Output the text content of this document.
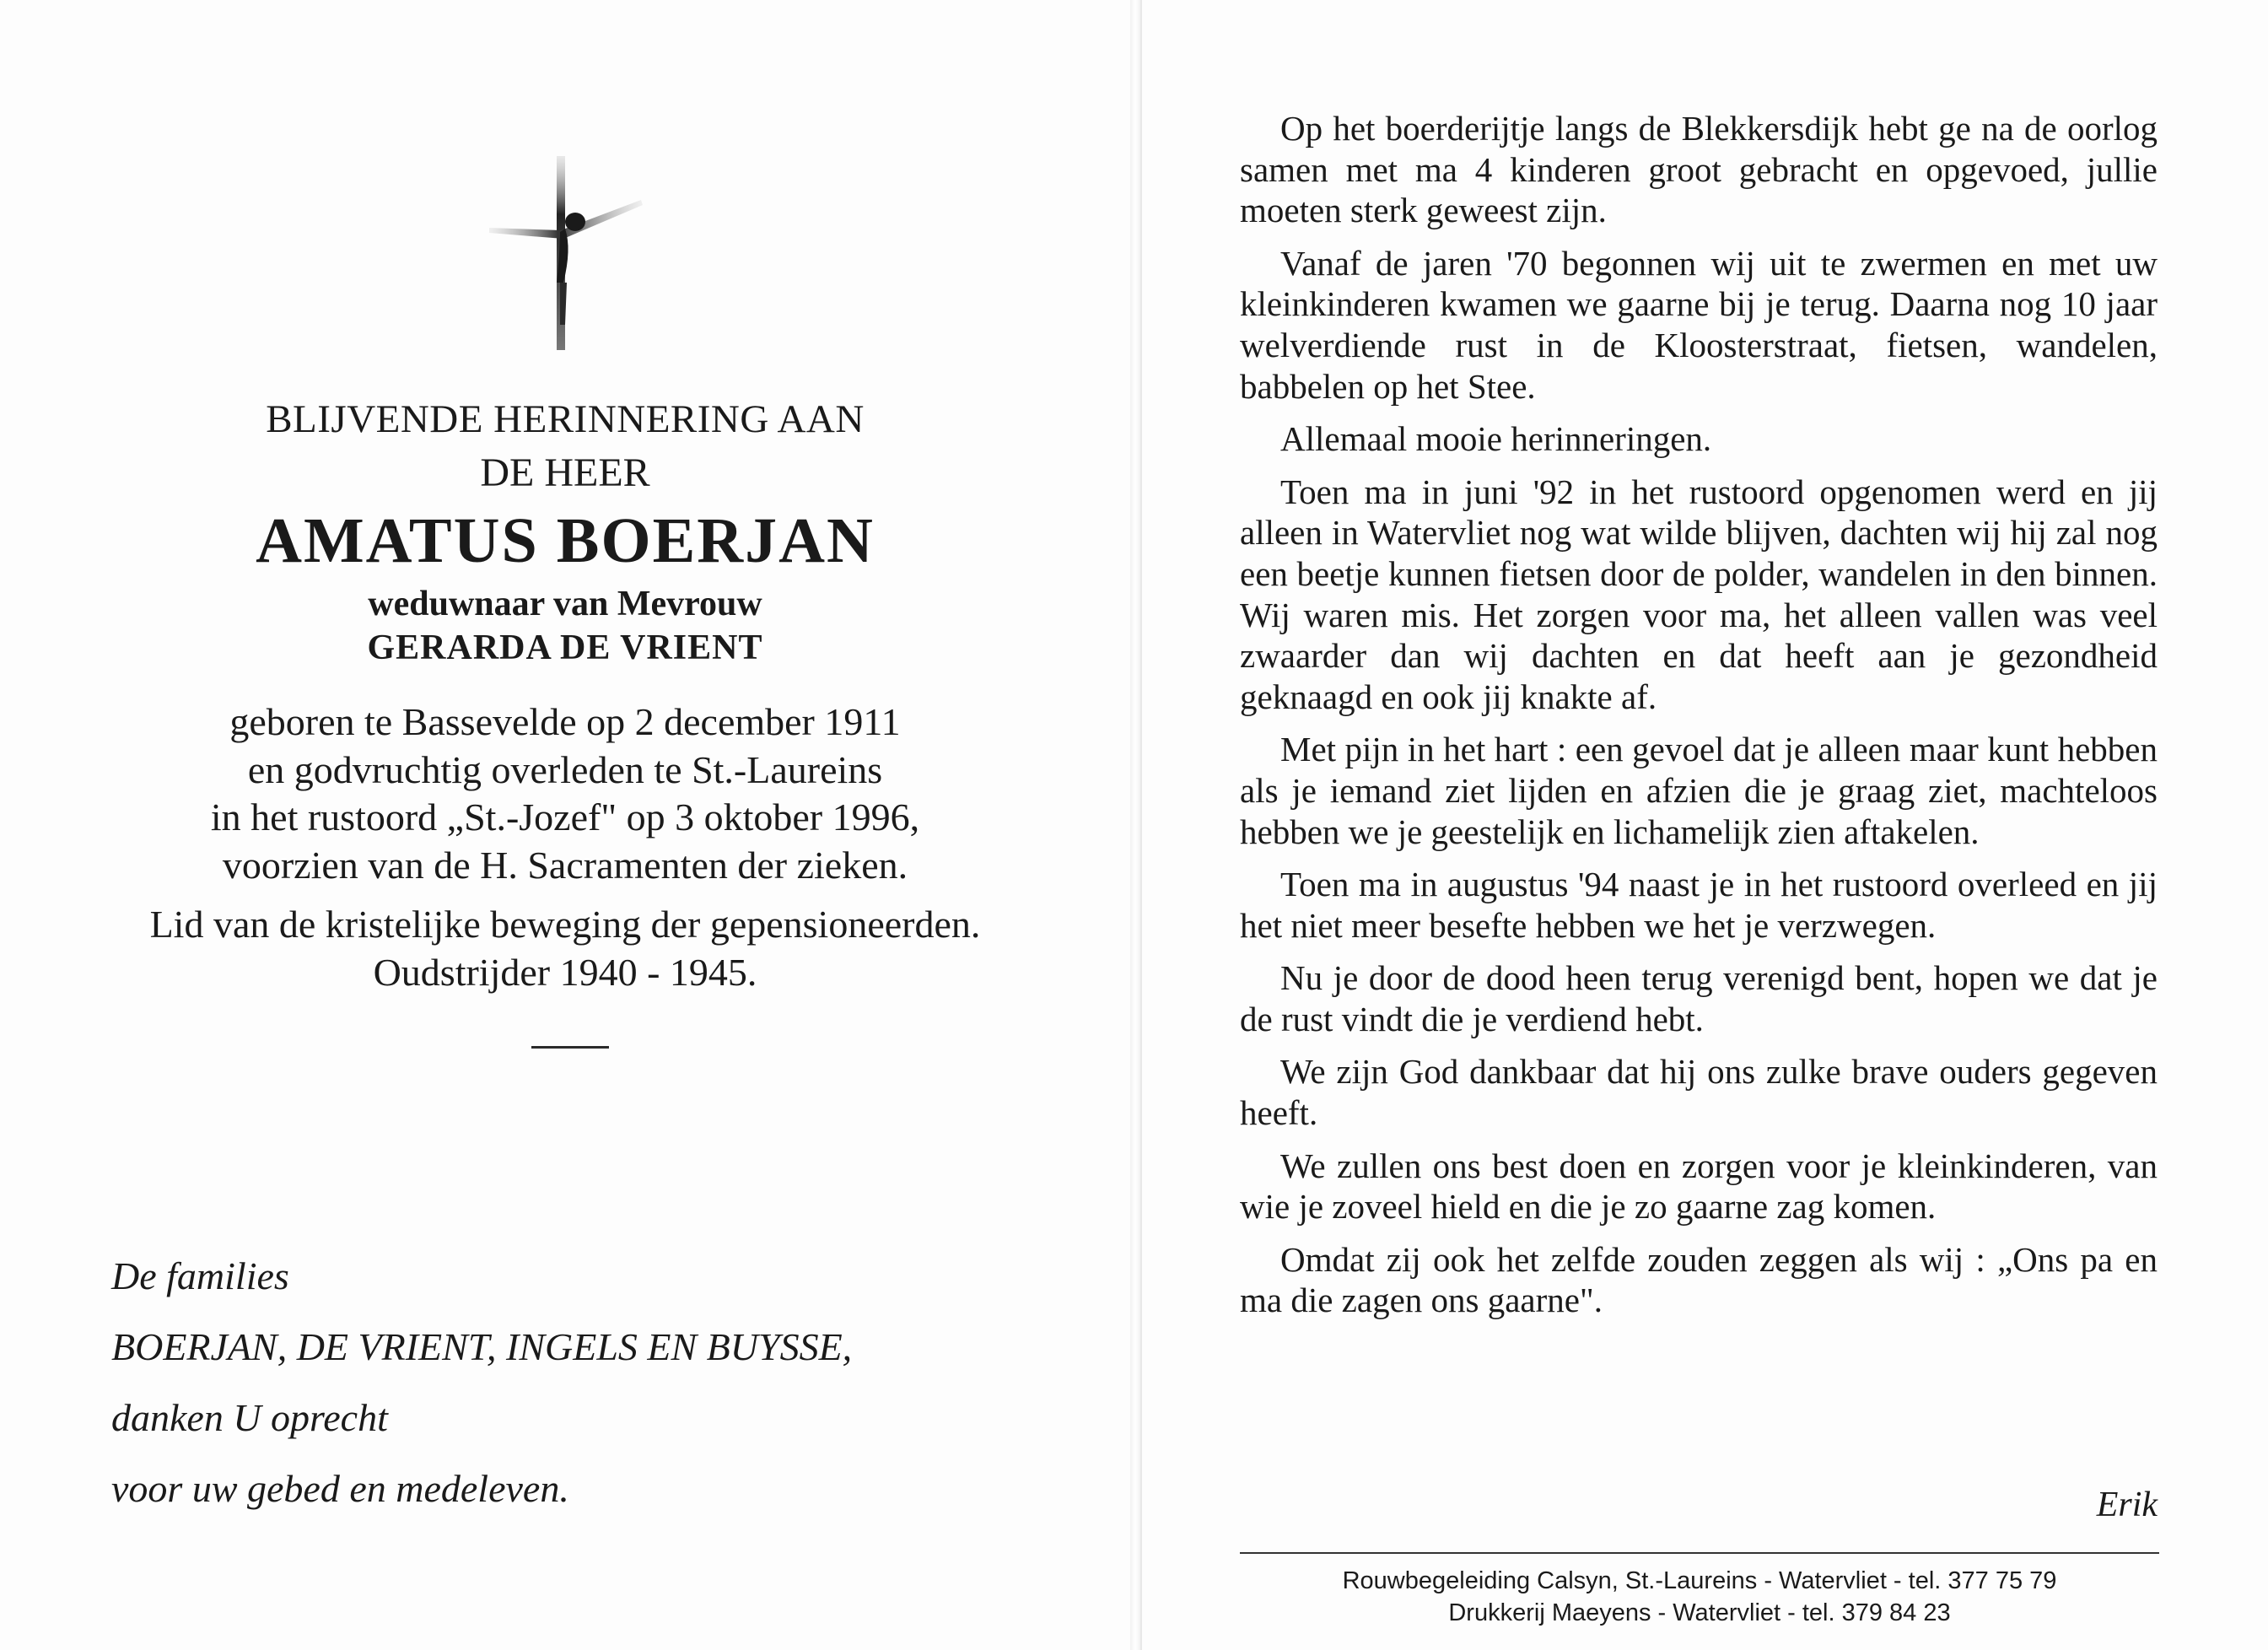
BLIJVENDE HERINNERING AAN
DE HEER
AMATUS BOERJAN
weduwnaar van Mevrouw
GERARDA DE VRIENT

geboren te Bassevelde op 2 december 1911

en godvruchtig overleden te St.-Laureins

in het rustoord „St.-Jozef" op 3 oktober 1996,

voorzien van de H. Sacramenten der zieken.

Lid van de kristelijke beweging der gepensioneerden.

Oudstrijder 1940 - 1945.

De families

BOERJAN, DE VRIENT, INGELS EN BUYSSE,

danken U oprecht

voor uw gebed en medeleven.

Op het boerderijtje langs de Blekkersdijk hebt ge na de oorlog samen met ma 4 kinderen groot gebracht en opgevoed, jullie moeten sterk geweest zijn.

Vanaf de jaren '70 begonnen wij uit te zwermen en met uw kleinkinderen kwamen we gaarne bij je terug. Daarna nog 10 jaar welverdiende rust in de Kloosterstraat, fietsen, wandelen, babbelen op het Stee.

Allemaal mooie herinneringen.

Toen ma in juni '92 in het rustoord opgenomen werd en jij alleen in Watervliet nog wat wilde blijven, dachten wij hij zal nog een beetje kunnen fietsen door de polder, wandelen in den binnen. Wij waren mis. Het zorgen voor ma, het alleen vallen was veel zwaarder dan wij dachten en dat heeft aan je gezondheid geknaagd en ook jij knakte af.

Met pijn in het hart : een gevoel dat je alleen maar kunt hebben als je iemand ziet lijden en afzien die je graag ziet, machteloos hebben we je geestelijk en lichamelijk zien aftakelen.

Toen ma in augustus '94 naast je in het rustoord overleed en jij het niet meer besefte hebben we het je verzwegen.

Nu je door de dood heen terug verenigd bent, hopen we dat je de rust vindt die je verdiend hebt.

We zijn God dankbaar dat hij ons zulke brave ouders gegeven heeft.

We zullen ons best doen en zorgen voor je kleinkinderen, van wie je zoveel hield en die je zo gaarne zag komen.

Omdat zij ook het zelfde zouden zeggen als wij : „Ons pa en ma die zagen ons gaarne".

Erik
Rouwbegeleiding Calsyn, St.-Laureins - Watervliet - tel. 377 75 79
Drukkerij Maeyens - Watervliet - tel. 379 84 23
